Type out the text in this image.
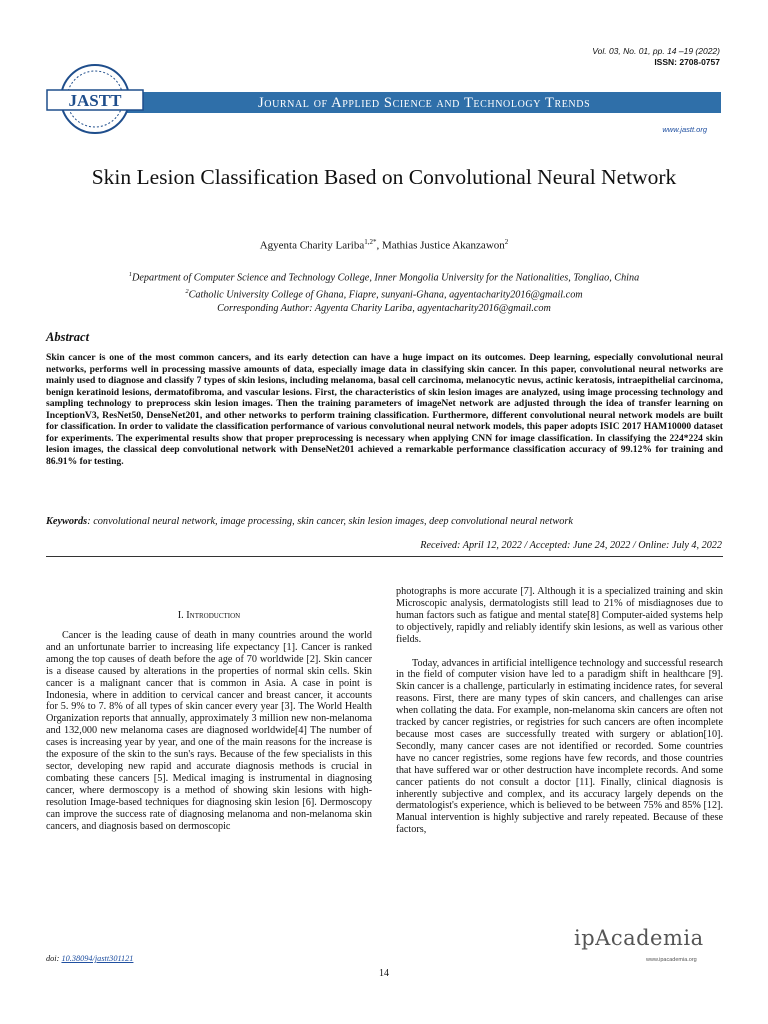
Vol. 03, No. 01, pp. 14 –19 (2022)
ISSN: 2708-0757
Journal of Applied Science and Technology Trends
JASTT
www.jastt.org
Skin Lesion Classification Based on Convolutional Neural Network
Agyenta Charity Lariba$^{1,2*}$, Mathias Justice Akanzawon$^2$
$^1$Department of Computer Science and Technology College, Inner Mongolia University for the Nationalities, Tongliao, China
$^2$Catholic University College of Ghana, Fiapre, sunyani-Ghana, agyentacharity2016@gmail.com
Corresponding Author: Agyenta Charity Lariba, agyentacharity2016@gmail.com
Abstract
Skin cancer is one of the most common cancers, and its early detection can have a huge impact on its outcomes. Deep learning, especially convolutional neural networks, performs well in processing massive amounts of data, especially image data in classifying skin cancer. In this paper, convolutional neural networks are mainly used to diagnose and classify 7 types of skin lesions, including melanoma, basal cell carcinoma, melanocytic nevus, actinic keratosis, intraepithelial carcinoma, benign keratinoid lesions, dermatofibroma, and vascular lesions. First, the characteristics of skin lesion images are analyzed, using image processing technology and sampling technology to preprocess skin lesion images. Then the training parameters of imageNet network are adjusted through the idea of transfer learning on InceptionV3, ResNet50, DenseNet201, and other networks to perform training classification. Furthermore, different convolutional neural network models are built for classification. In order to validate the classification performance of various convolutional neural network models, this paper adopts ISIC 2017 HAM10000 dataset for experiments. The experimental results show that proper preprocessing is necessary when applying CNN for image classification. In classifying the 224*224 skin lesion images, the classical deep convolutional network with DenseNet201 achieved a remarkable performance classification accuracy of 99.12% for training and 86.91% for testing.
Keywords: convolutional neural network, image processing, skin cancer, skin lesion images, deep convolutional neural network
Received: April 12, 2022 / Accepted: June 24, 2022 / Online: July 4, 2022
I. Introduction

Cancer is the leading cause of death in many countries around the world and an unfortunate barrier to increasing life expectancy [1]. Cancer is ranked among the top causes of death before the age of 70 worldwide [2]. Skin cancer is a disease caused by alterations in the properties of normal skin cells. Skin cancer is a malignant cancer that is common in Asia. A case in point is Indonesia, where in addition to cervical cancer and breast cancer, it accounts for 5. 9% to 7. 8% of all types of skin cancer every year [3]. The World Health Organization reports that annually, approximately 3 million new non-melanoma and 132,000 new melanoma cases are diagnosed worldwide[4] The number of cases is increasing year by year, and one of the main reasons for the increase is the exposure of the skin to the sun's rays. Because of the few specialists in this sector, developing new rapid and accurate diagnosis methods is crucial in combating these cancers [5]. Medical imaging is instrumental in diagnosing cancer, where dermoscopy is a method of showing skin lesions with high-resolution Image-based techniques for diagnosing skin lesion [6]. Dermoscopy can improve the success rate of diagnosing melanoma and non-melanoma skin cancers, and diagnosis based on dermoscopic

photographs is more accurate [7]. Although it is a specialized training and skin Microscopic analysis, dermatologists still lead to 21% of misdiagnoses due to human factors such as fatigue and mental state[8] Computer-aided systems help to objectively, rapidly and reliably identify skin lesions, as well as various other fields.

Today, advances in artificial intelligence technology and successful research in the field of computer vision have led to a paradigm shift in healthcare [9]. Skin cancer is a challenge, particularly in estimating incidence rates, for several reasons. First, there are many types of skin cancers, and challenges can arise when collating the data. For example, non-melanoma skin cancers are often not tracked by cancer registries, or registries for such cancers are often incomplete because most cases are successfully treated with surgery or ablation[10]. Secondly, many cancer cases are not identified or recorded. Some countries have no cancer registries, some regions have few records, and those countries that have suffered war or other destruction have incomplete records. And some cancer patients do not consult a doctor [11]. Finally, clinical diagnosis is inherently subjective and complex, and its accuracy largely depends on the dermatologist's experience, which is believed to be between 75% and 85% [12]. Manual intervention is highly subjective and rarely repeated. Because of these factors,

doi: 10.38094/jastt301121
14
ipAcademia
www.ipacademia.org
